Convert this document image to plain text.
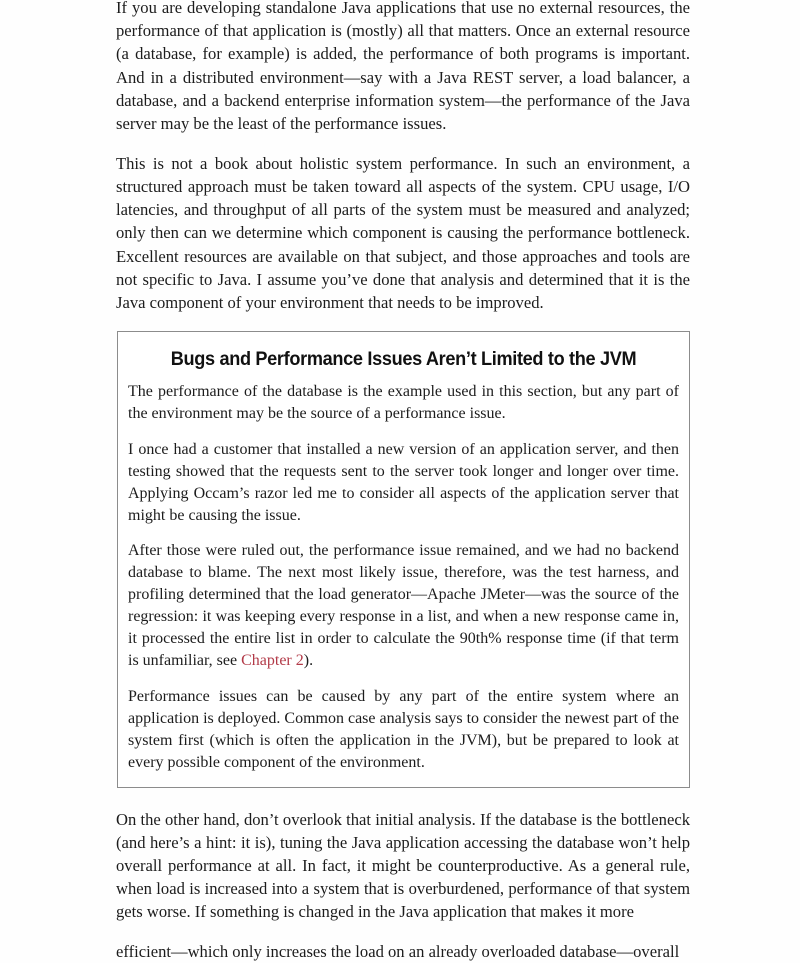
If you are developing standalone Java applications that use no external resources, the performance of that application is (mostly) all that matters. Once an external resource (a database, for example) is added, the performance of both programs is important. And in a distributed environment—say with a Java REST server, a load balancer, a database, and a backend enterprise information system—the performance of the Java server may be the least of the performance issues.

This is not a book about holistic system performance. In such an environment, a structured approach must be taken toward all aspects of the system. CPU usage, I/O latencies, and throughput of all parts of the system must be measured and analyzed; only then can we determine which component is causing the performance bottleneck. Excellent resources are available on that subject, and those approaches and tools are not specific to Java. I assume you’ve done that analysis and determined that it is the Java component of your environment that needs to be improved.

Bugs and Performance Issues Aren’t Limited to the JVM

The performance of the database is the example used in this section, but any part of the environment may be the source of a performance issue.

I once had a customer that installed a new version of an application server, and then testing showed that the requests sent to the server took longer and longer over time. Applying Occam’s razor led me to consider all aspects of the application server that might be causing the issue.

After those were ruled out, the performance issue remained, and we had no backend database to blame. The next most likely issue, therefore, was the test harness, and profiling determined that the load generator—Apache JMeter—was the source of the regression: it was keeping every response in a list, and when a new response came in, it processed the entire list in order to calculate the 90th% response time (if that term is unfamiliar, see Chapter 2).

Performance issues can be caused by any part of the entire system where an application is deployed. Common case analysis says to consider the newest part of the system first (which is often the application in the JVM), but be prepared to look at every possible component of the environment.

On the other hand, don’t overlook that initial analysis. If the database is the bottleneck (and here’s a hint: it is), tuning the Java application accessing the database won’t help overall performance at all. In fact, it might be counterproductive. As a general rule, when load is increased into a system that is overburdened, performance of that system gets worse. If something is changed in the Java application that makes it more

efficient—which only increases the load on an already overloaded database—overall
